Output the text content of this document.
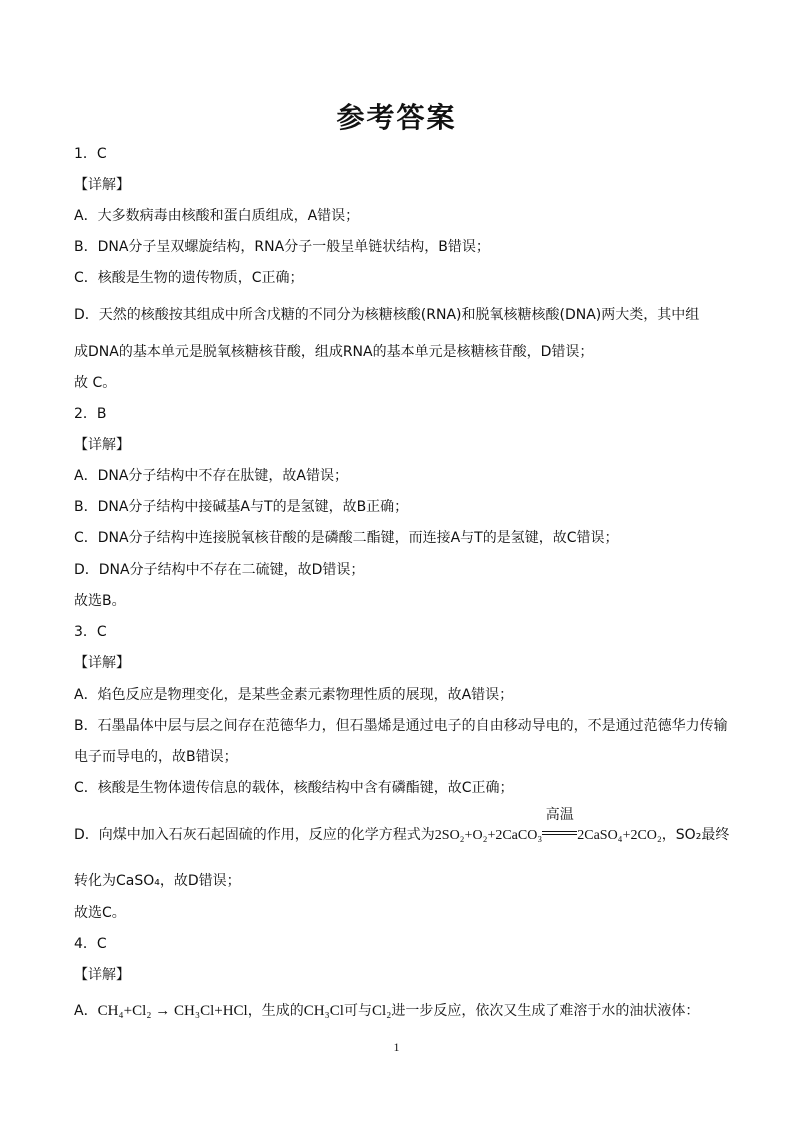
参考答案
1．C
【详解】
A．大多数病毒由核酸和蛋白质组成，A错误；
B．DNA分子呈双螺旋结构，RNA分子一般呈单链状结构，B错误；
C．核酸是生物的遗传物质，C正确；
D．天然的核酸按其组成中所含戊糖的不同分为核糖核酸(RNA)和脱氧核糖核酸(DNA)两大类，其中组
成DNA的基本单元是脱氧核糖核苷酸，组成RNA的基本单元是核糖核苷酸，D错误；
故 C。
2．B
【详解】
A．DNA分子结构中不存在肽键，故A错误；
B．DNA分子结构中接碱基A与T的是氢键，故B正确；
C．DNA分子结构中连接脱氧核苷酸的是磷酸二酯键，而连接A与T的是氢键，故C错误；
D．DNA分子结构中不存在二硫键，故D错误；
故选B。
3．C
【详解】
A．焰色反应是物理变化，是某些金素元素物理性质的展现，故A错误；
B．石墨晶体中层与层之间存在范德华力，但石墨烯是通过电子的自由移动导电的，不是通过范德华力传输
电子而导电的，故B错误；
C．核酸是生物体遗传信息的载体，核酸结构中含有磷酯键，故C正确；
D．向煤中加入石灰石起固硫的作用，反应的化学方程式为2SO₂+O₂+2CaCO₃
高温
2CaSO₄+2CO₂，SO₂最终
转化为CaSO₄，故D错误；
故选C。
4．C
【详解】
A．CH₄+Cl₂ → CH₃Cl+HCl，生成的CH₃Cl可与Cl₂进一步反应，依次又生成了难溶于水的油状液体：
1
